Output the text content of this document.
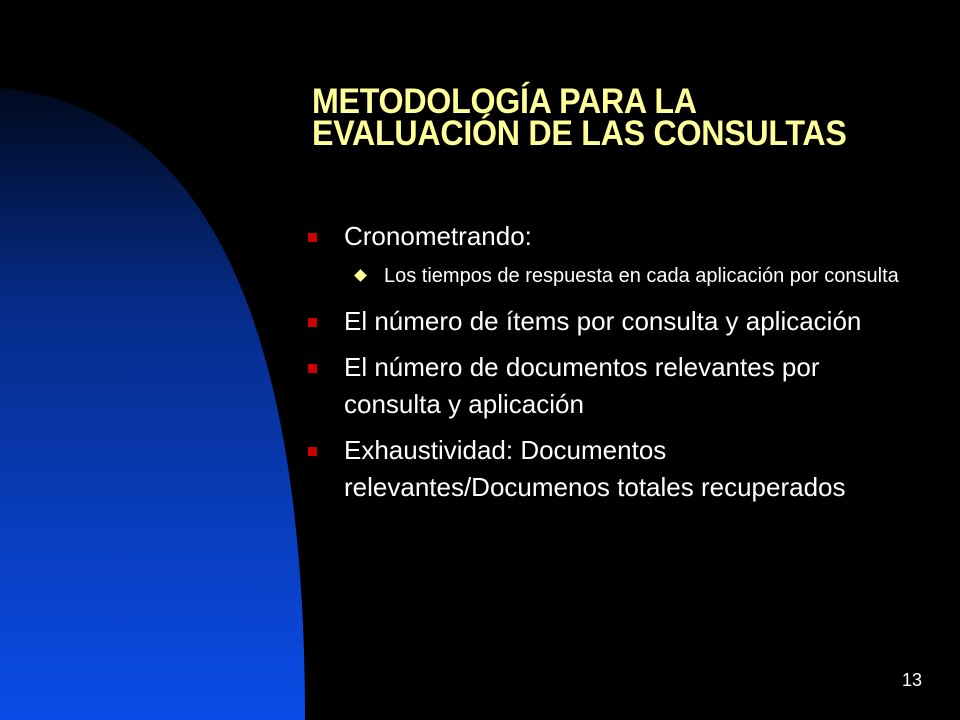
METODOLOGÍA PARA LA
EVALUACIÓN DE LAS CONSULTAS
Cronometrando:
Los tiempos de respuesta en cada aplicación por consulta
El número de ítems por consulta y aplicación
El número de documentos relevantes por consulta y aplicación
Exhaustividad: Documentos relevantes/Documenos totales recuperados
13
